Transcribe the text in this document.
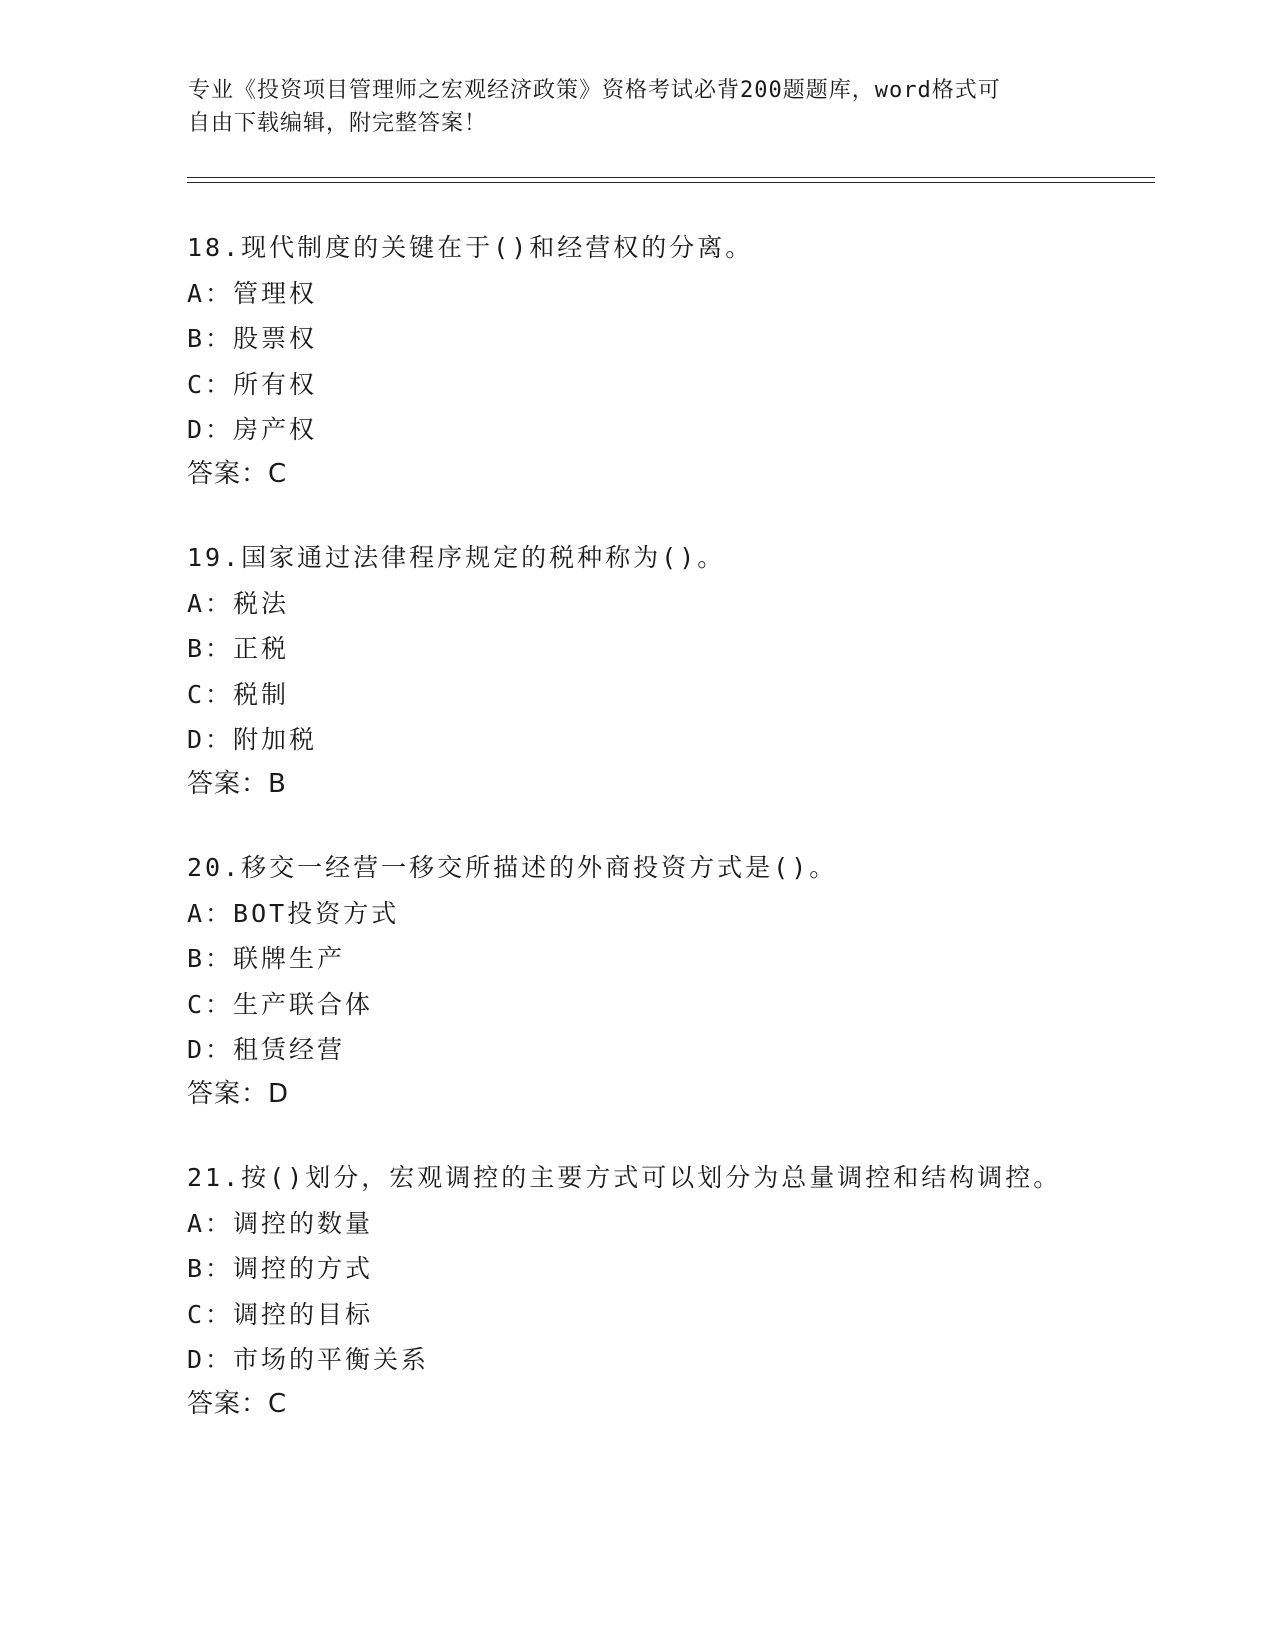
专业《投资项目管理师之宏观经济政策》资格考试必背200题题库，word格式可
自由下载编辑，附完整答案！
18.现代制度的关键在于()和经营权的分离。
A：管理权
B：股票权
C：所有权
D：房产权
答案：C
19.国家通过法律程序规定的税种称为()。
A：税法
B：正税
C：税制
D：附加税
答案：B
20.移交一经营一移交所描述的外商投资方式是()。
A：BOT投资方式
B：联牌生产
C：生产联合体
D：租赁经营
答案：D
21.按()划分，宏观调控的主要方式可以划分为总量调控和结构调控。
A：调控的数量
B：调控的方式
C：调控的目标
D：市场的平衡关系
答案：C
